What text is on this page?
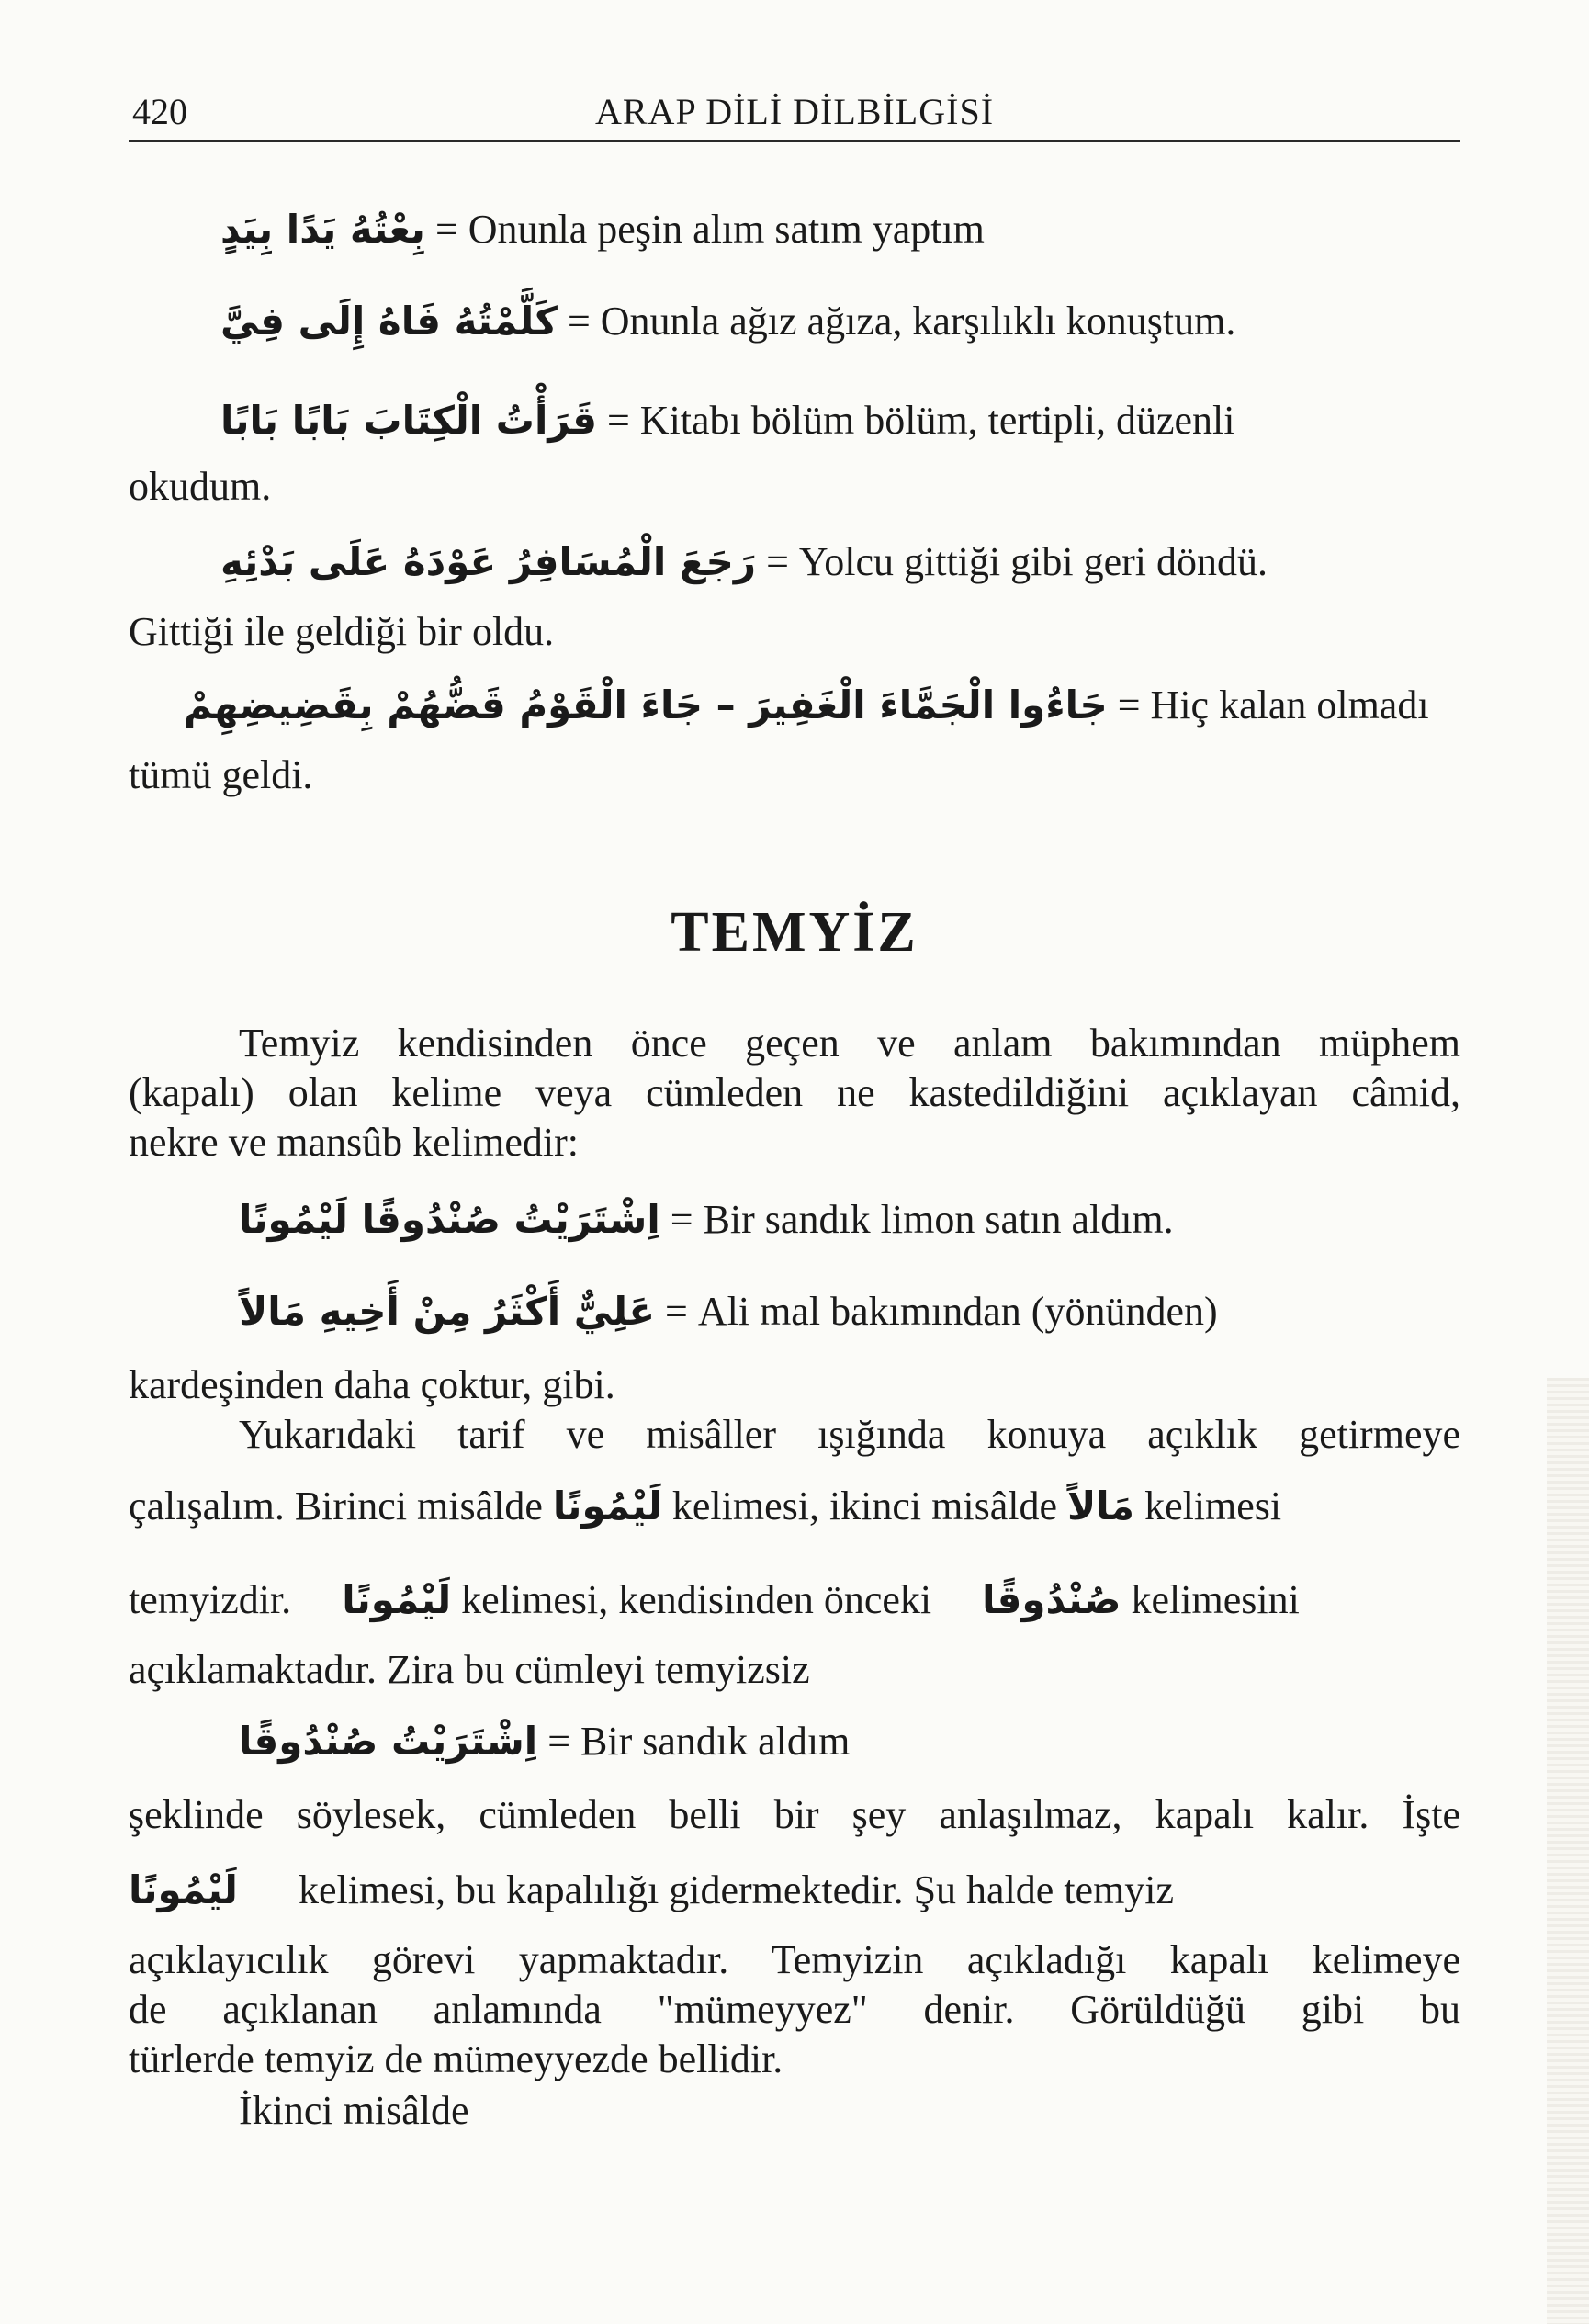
420	ARAP DİLİ DİLBİLGİSİ
بِعْتُهُ يَدًا بِيَدٍ = Onunla peşin alım satım yaptım
كَلَّمْتُهُ فَاهُ إِلَى فِيَّ = Onunla ağız ağıza, karşılıklı konuştum.
قَرَأْتُ الْكِتَابَ بَابًا بَابًا = Kitabı bölüm bölüm, tertipli, düzenli
okudum.
رَجَعَ الْمُسَافِرُ عَوْدَهُ عَلَى بَدْئِهِ = Yolcu gittiği gibi geri döndü.
Gittiği ile geldiği bir oldu.
جَاءُوا الْجَمَّاءَ الْغَفِيرَ – جَاءَ الْقَوْمُ قَضُّهُمْ بِقَضِيضِهِمْ = Hiç kalan olmadı
tümü geldi.
TEMYİZ
Temyiz kendisinden önce geçen ve anlam bakımından müphem
(kapalı) olan kelime veya cümleden ne kastedildiğini açıklayan câmid,
nekre ve mansûb kelimedir:
اِشْتَرَيْتُ صُنْدُوقًا لَيْمُونًا = Bir sandık limon satın aldım.
عَلِيٌّ أَكْثَرُ مِنْ أَخِيهِ مَالاً = Ali mal bakımından (yönünden)
kardeşinden daha çoktur, gibi.
Yukarıdaki tarif ve misâller ışığında konuya açıklık getirmeye
çalışalım. Birinci misâlde لَيْمُونًا kelimesi, ikinci misâlde مَالاً kelimesi
temyizdir. لَيْمُونًا kelimesi, kendisinden önceki صُنْدُوقًا kelimesini
açıklamaktadır. Zira bu cümleyi temyizsiz
اِشْتَرَيْتُ صُنْدُوقًا = Bir sandık aldım
şeklinde söylesek, cümleden belli bir şey anlaşılmaz, kapalı kalır. İşte
لَيْمُونًا kelimesi, bu kapalılığı gidermektedir. Şu halde temyiz
açıklayıcılık görevi yapmaktadır. Temyizin açıkladığı kapalı kelimeye
de açıklanan anlamında "mümeyyez" denir. Görüldüğü gibi bu
türlerde temyiz de mümeyyezde bellidir.
İkinci misâlde
